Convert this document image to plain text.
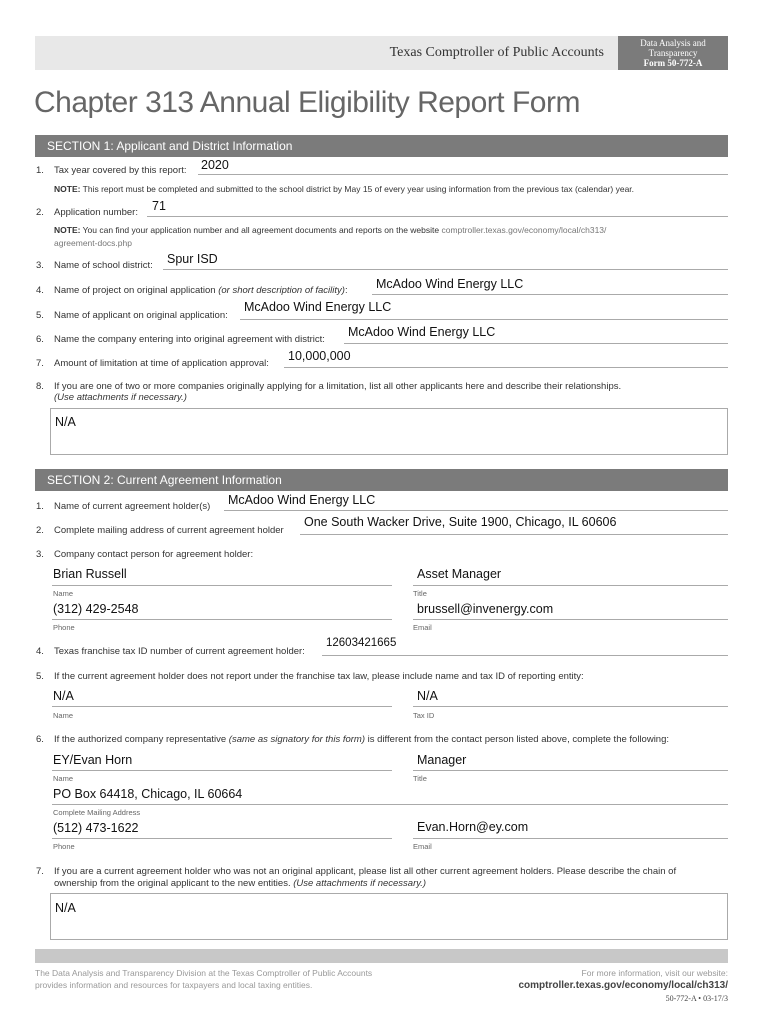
Texas Comptroller of Public Accounts
Data Analysis and
Transparency
Form 50-772-A
Chapter 313 Annual Eligibility Report Form
SECTION 1: Applicant and District Information
1. Tax year covered by this report: 2020
NOTE: This report must be completed and submitted to the school district by May 15 of every year using information from the previous tax (calendar) year.
2. Application number: 71
NOTE: You can find your application number and all agreement documents and reports on the website comptroller.texas.gov/economy/local/ch313/
agreement-docs.php
3. Name of school district: Spur ISD
4. Name of project on original application (or short description of facility): McAdoo Wind Energy LLC
5. Name of applicant on original application:
McAdoo Wind Energy LLC
6. Name the company entering into original agreement with district:
McAdoo Wind Energy LLC
7. Amount of limitation at time of application approval:
10,000,000
8. If you are one of two or more companies originally applying for a limitation, list all other applicants here and describe their relationships.
(Use attachments if necessary.)
N/A
SECTION 2: Current Agreement Information
1. Name of current agreement holder(s) McAdoo Wind Energy LLC
2. Complete mailing address of current agreement holder
One South Wacker Drive, Suite 1900, Chicago, IL 60606
3. Company contact person for agreement holder:
Brian Russell
Name
Asset Manager
Title
(312) 429-2548
Phone
brussell@invenergy.com
Email
4. Texas franchise tax ID number of current agreement holder:
12603421665
5. If the current agreement holder does not report under the franchise tax law, please include name and tax ID of reporting entity:
N/A
Name
N/A
Tax ID
6. If the authorized company representative (same as signatory for this form) is different from the contact person listed above, complete the following:
EY/Evan Horn
Name
Manager
Title
PO Box 64418, Chicago, IL 60664
Complete Mailing Address
(512) 473-1622
Phone
Evan.Horn@ey.com
Email
7. If you are a current agreement holder who was not an original applicant, please list all other current agreement holders. Please describe the chain of
ownership from the original applicant to the new entities. (Use attachments if necessary.)
N/A
The Data Analysis and Transparency Division at the Texas Comptroller of Public Accounts
provides information and resources for taxpayers and local taxing entities.
For more information, visit our website:
comptroller.texas.gov/economy/local/ch313/
50-772-A • 03-17/3
